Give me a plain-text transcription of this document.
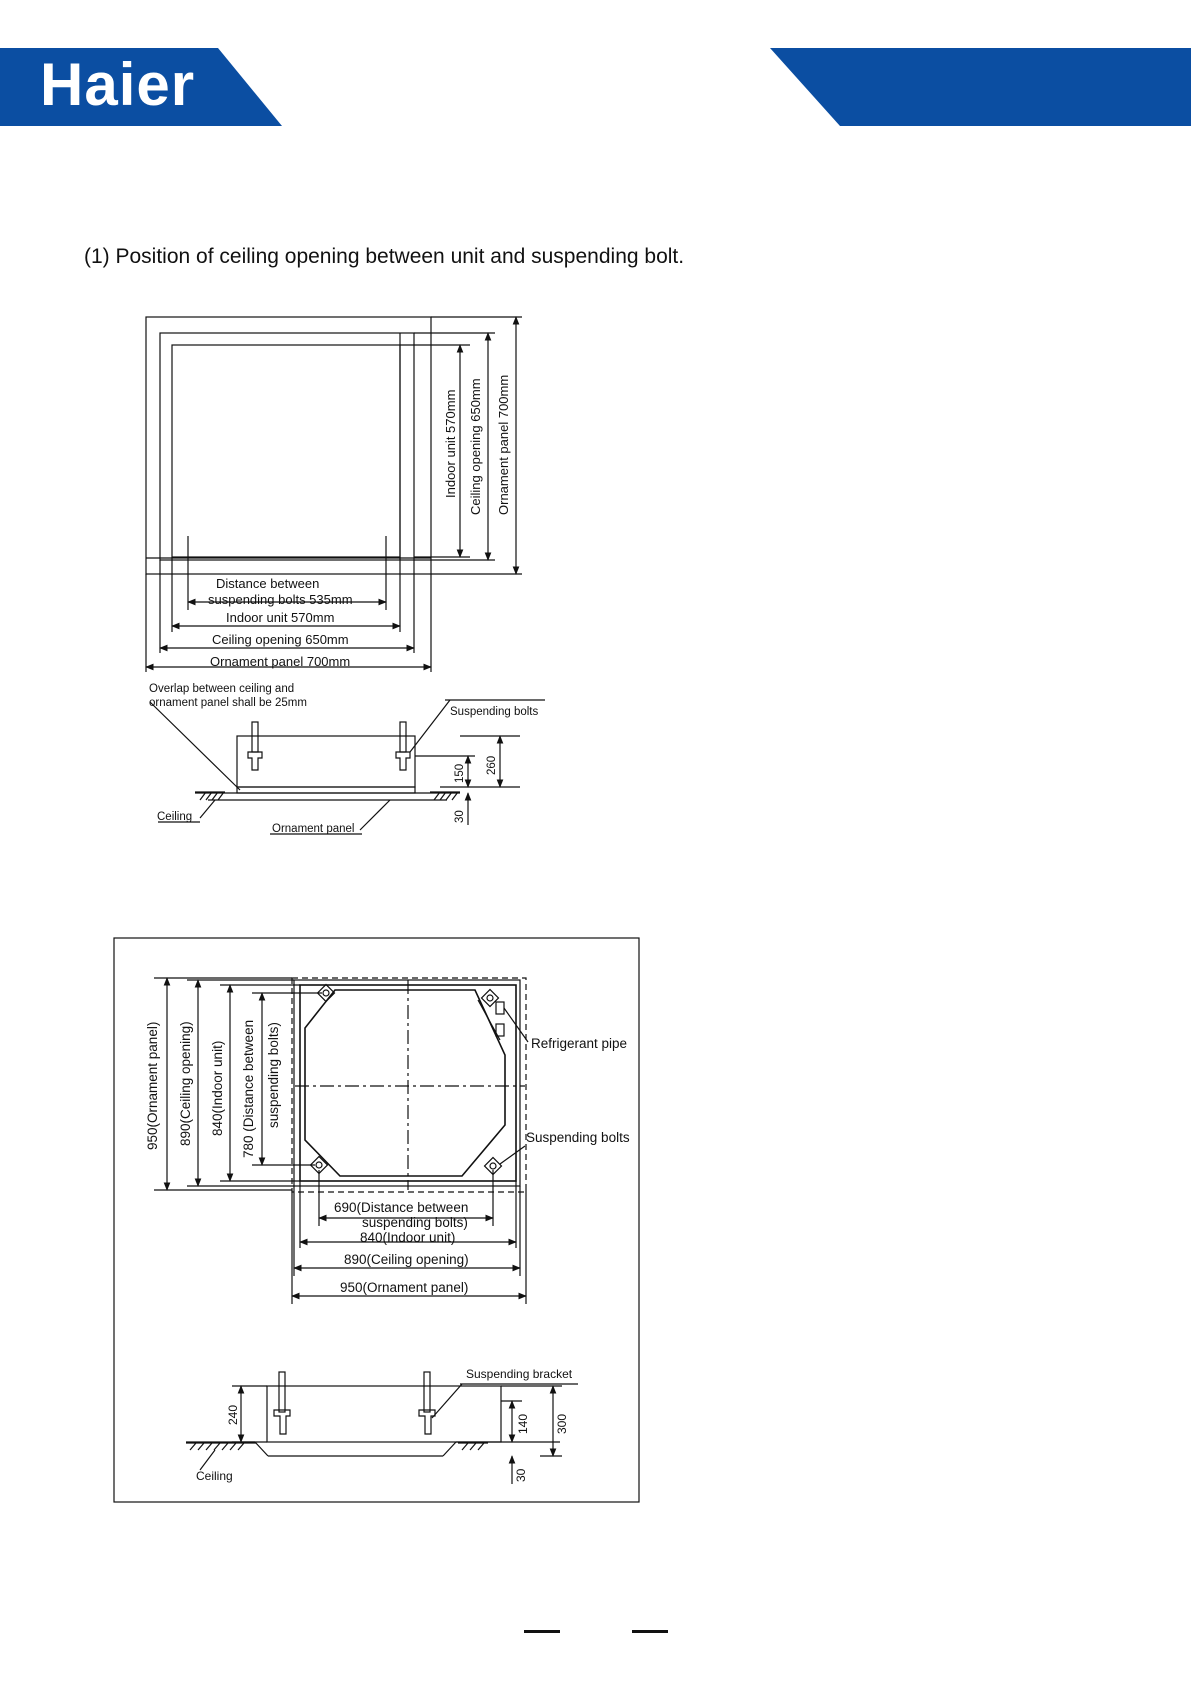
Haier
(1) Position of ceiling opening between unit and suspending bolt.
Indoor unit 570mm Ceiling opening 650mm Ornament panel 700mm
Distance between
suspending bolts 535mm
Indoor unit 570mm
Ceiling opening 650mm
Ornament panel 700mm
Overlap between ceiling and
ornament panel shall be 25mm
Suspending bolts
Ceiling
Ornament panel
150 260
30
950(Ornament panel) 890(Ceiling opening) 840(Indoor unit) 780 (Distance between suspending bolts)	Refrigerant pipe
Suspending bolts
690(Distance between
suspending bolts)
840(Indoor unit)
890(Ceiling opening)
950(Ornament panel)
Suspending bracket
Ceiling
240	140 300
30
